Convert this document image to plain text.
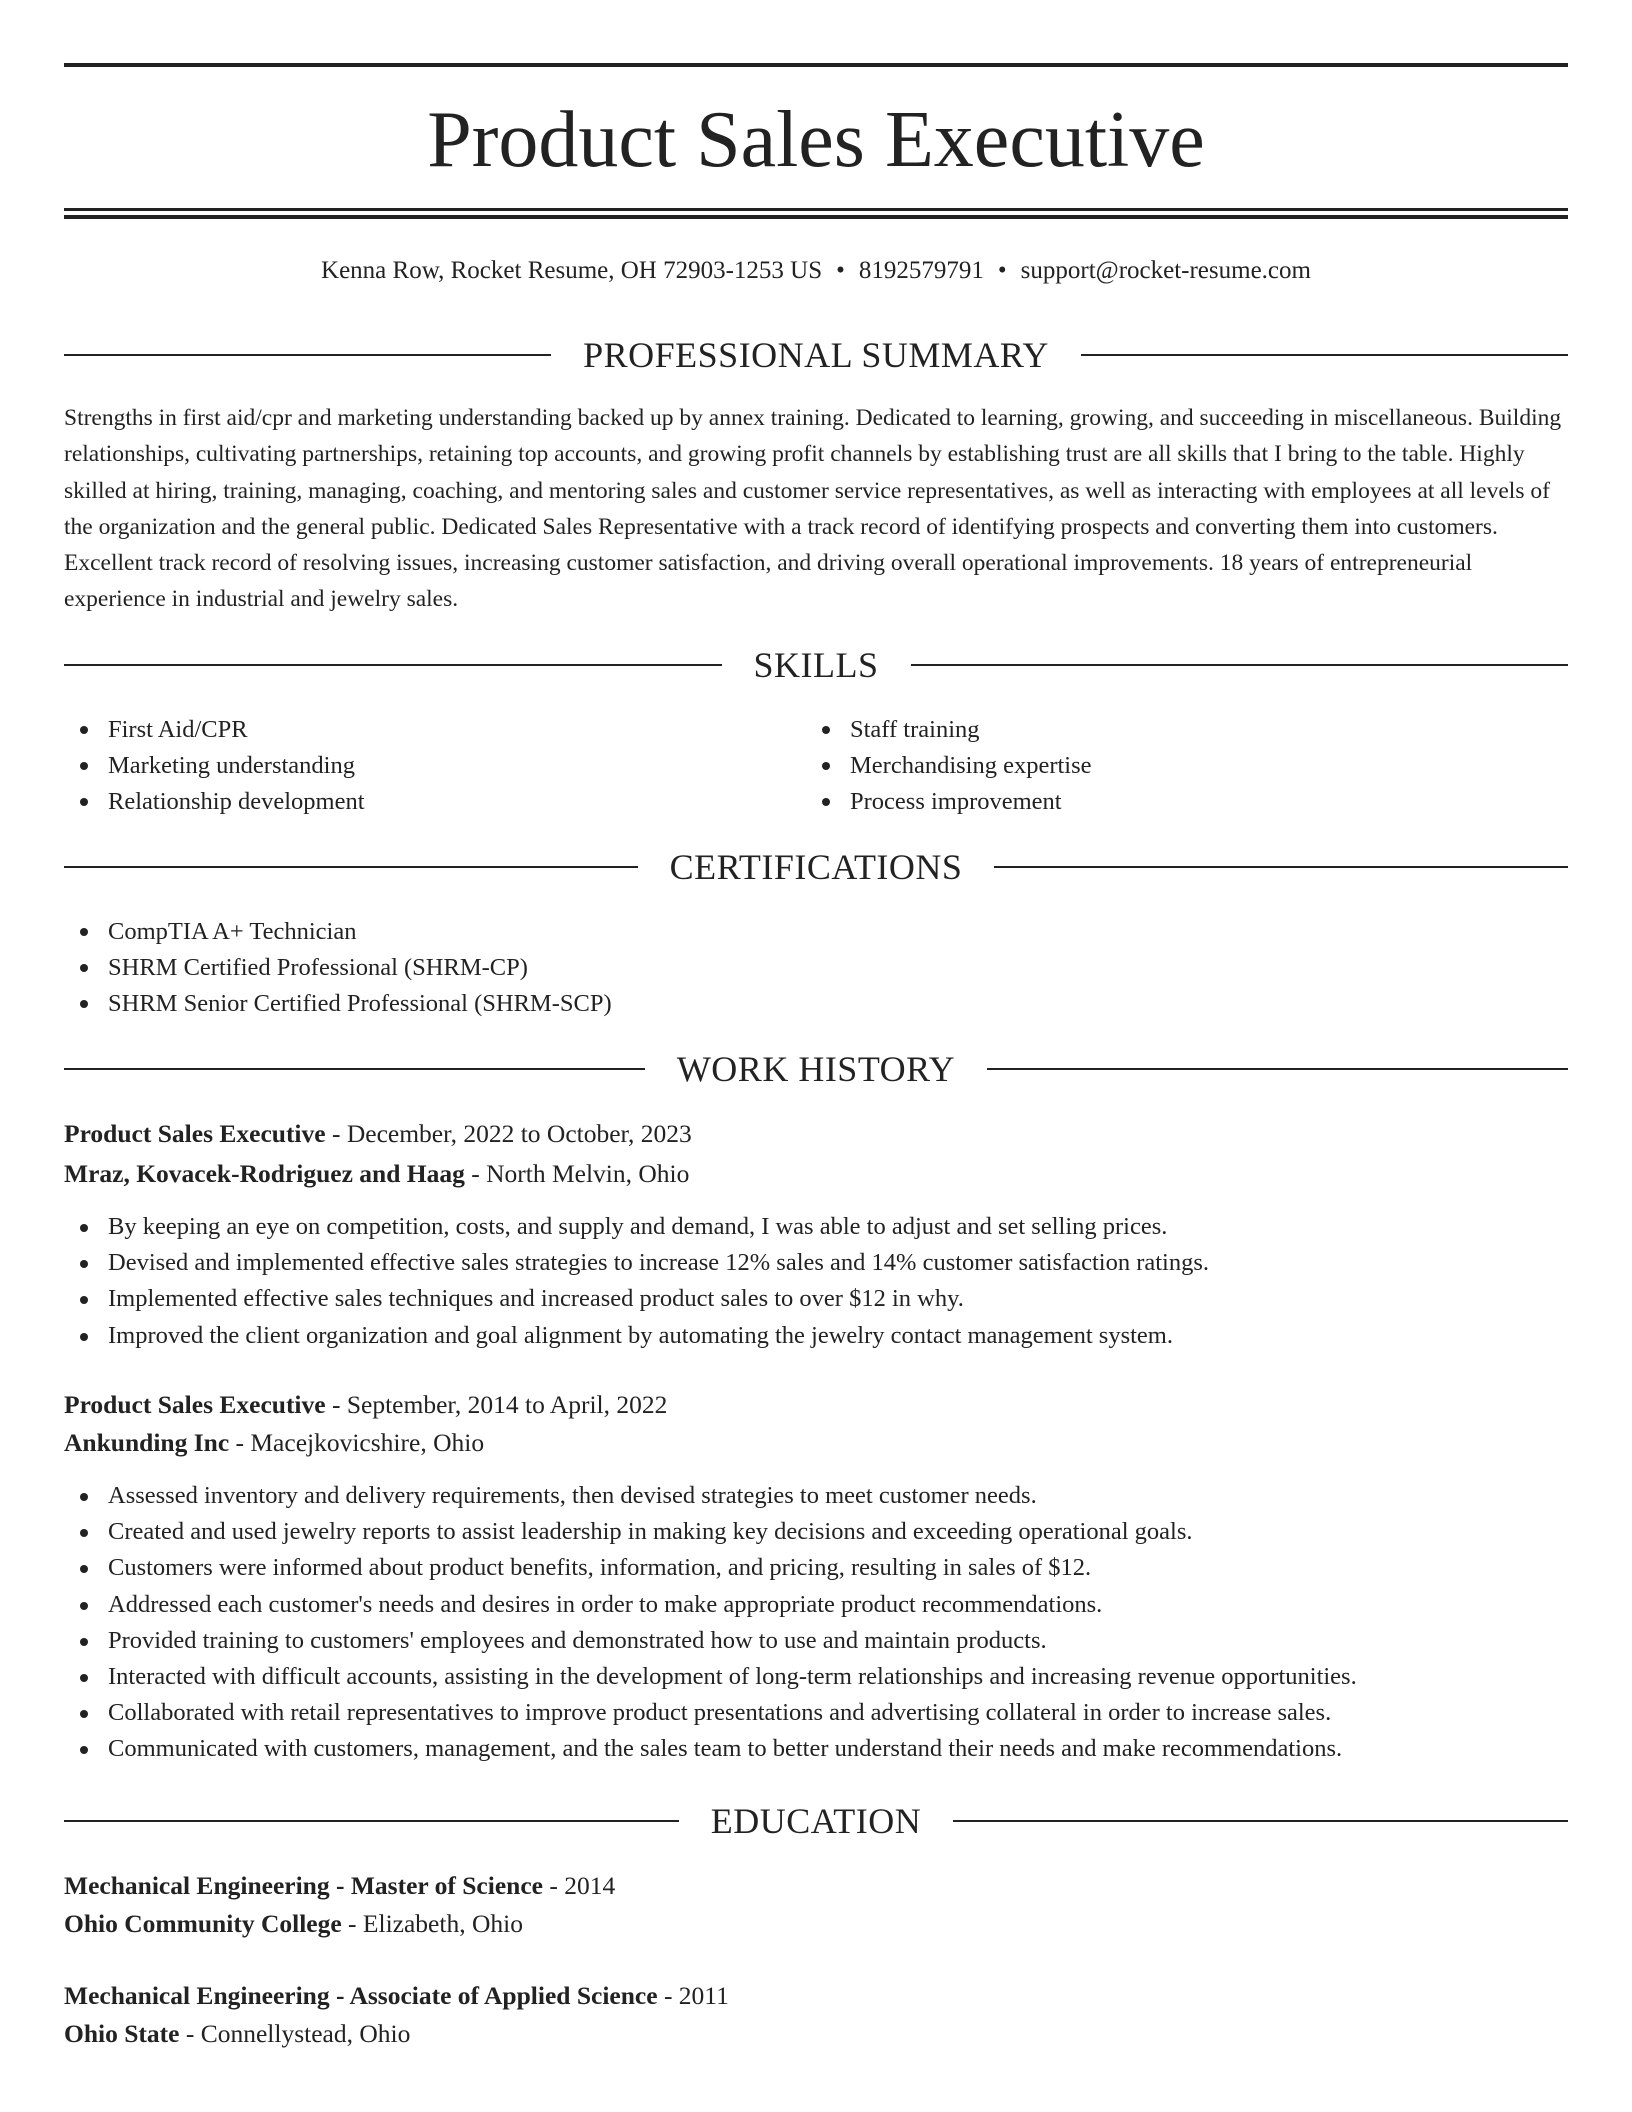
Product Sales Executive
Kenna Row, Rocket Resume, OH 72903-1253 US • 8192579791 • support@rocket-resume.com
PROFESSIONAL SUMMARY

Strengths in first aid/cpr and marketing understanding backed up by annex training. Dedicated to learning, growing, and succeeding in miscellaneous. Building relationships, cultivating partnerships, retaining top accounts, and growing profit channels by establishing trust are all skills that I bring to the table. Highly skilled at hiring, training, managing, coaching, and mentoring sales and customer service representatives, as well as interacting with employees at all levels of the organization and the general public. Dedicated Sales Representative with a track record of identifying prospects and converting them into customers. Excellent track record of resolving issues, increasing customer satisfaction, and driving overall operational improvements. 18 years of entrepreneurial experience in industrial and jewelry sales.

SKILLS
First Aid/CPR
Marketing understanding
Relationship development
Staff training
Merchandising expertise
Process improvement
CERTIFICATIONS
CompTIA A+ Technician
SHRM Certified Professional (SHRM-CP)
SHRM Senior Certified Professional (SHRM-SCP)
WORK HISTORY
Product Sales Executive - December, 2022 to October, 2023
Mraz, Kovacek-Rodriguez and Haag - North Melvin, Ohio
By keeping an eye on competition, costs, and supply and demand, I was able to adjust and set selling prices.
Devised and implemented effective sales strategies to increase 12% sales and 14% customer satisfaction ratings.
Implemented effective sales techniques and increased product sales to over $12 in why.
Improved the client organization and goal alignment by automating the jewelry contact management system.
Product Sales Executive - September, 2014 to April, 2022
Ankunding Inc - Macejkovicshire, Ohio
Assessed inventory and delivery requirements, then devised strategies to meet customer needs.
Created and used jewelry reports to assist leadership in making key decisions and exceeding operational goals.
Customers were informed about product benefits, information, and pricing, resulting in sales of $12.
Addressed each customer's needs and desires in order to make appropriate product recommendations.
Provided training to customers' employees and demonstrated how to use and maintain products.
Interacted with difficult accounts, assisting in the development of long-term relationships and increasing revenue opportunities.
Collaborated with retail representatives to improve product presentations and advertising collateral in order to increase sales.
Communicated with customers, management, and the sales team to better understand their needs and make recommendations.
EDUCATION
Mechanical Engineering - Master of Science - 2014
Ohio Community College - Elizabeth, Ohio
Mechanical Engineering - Associate of Applied Science - 2011
Ohio State - Connellystead, Ohio
